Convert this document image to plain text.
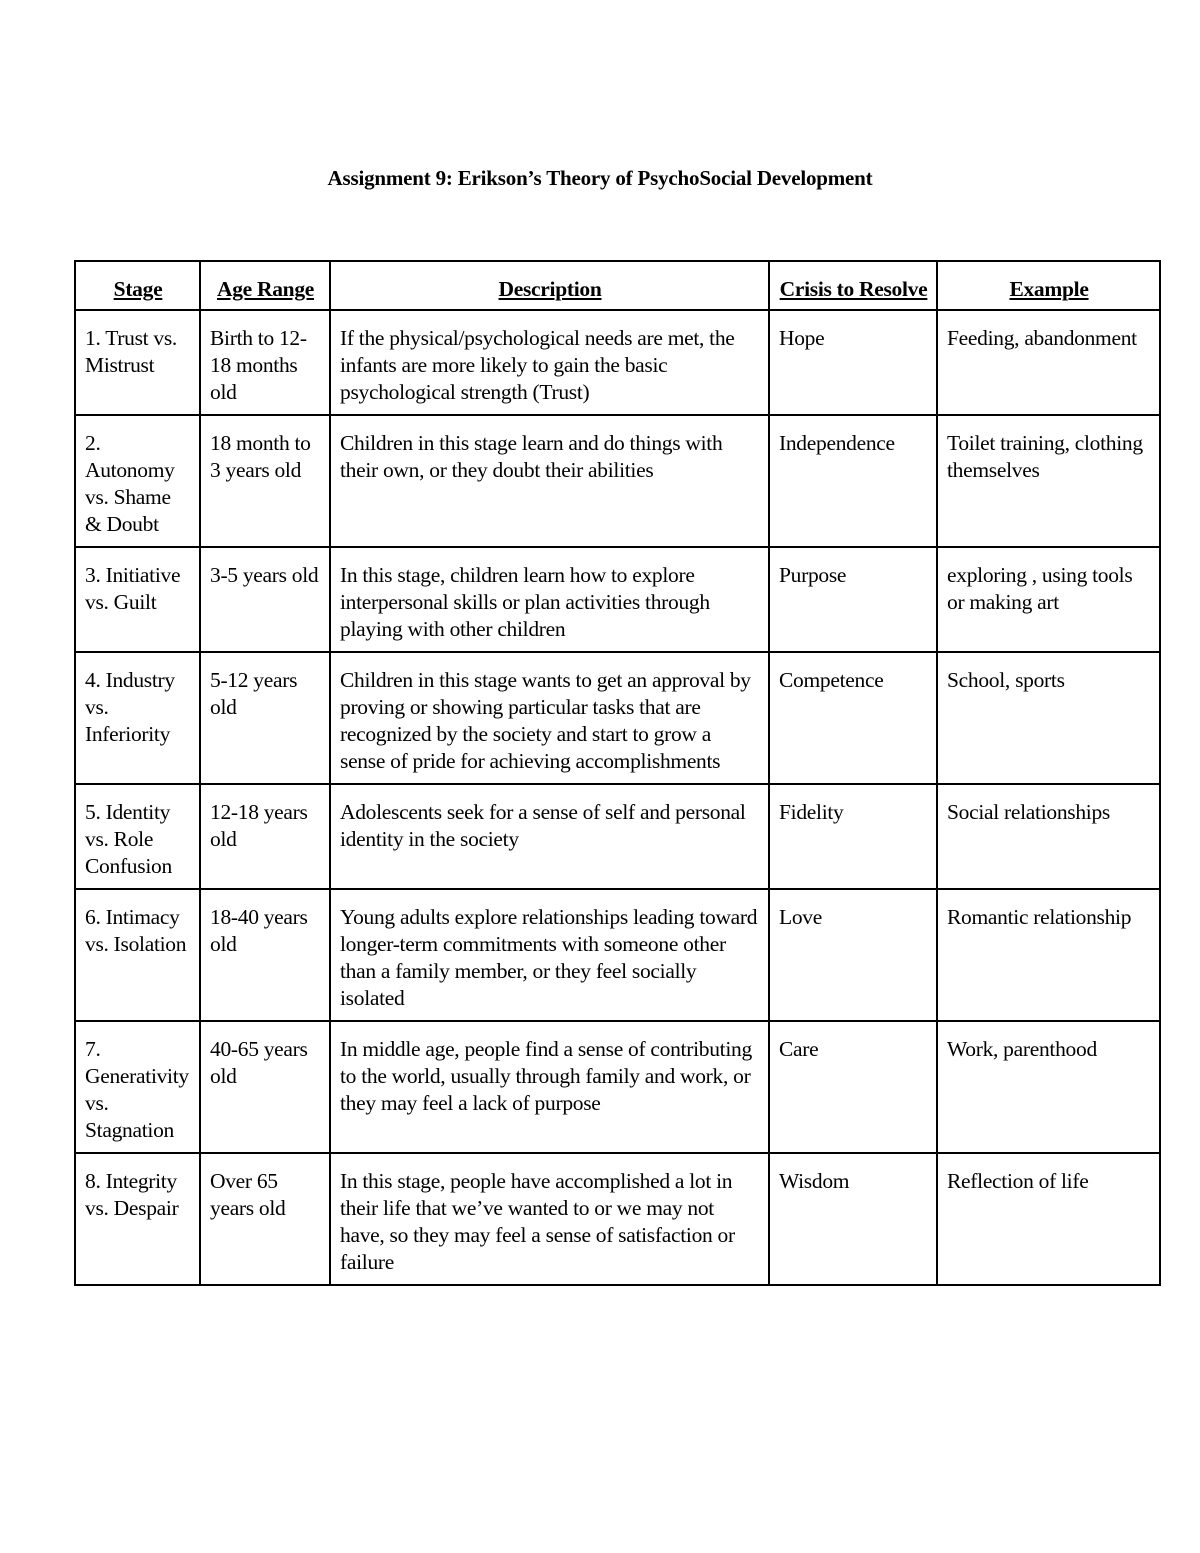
Assignment 9: Erikson’s Theory of PsychoSocial Development
Stage	Age Range	Description	Crisis to Resolve	Example
1. Trust vs. Mistrust	Birth to 12-18 months old	If the physical/psychological needs are met, the infants are more likely to gain the basic psychological strength (Trust)	Hope	Feeding, abandonment
2. Autonomy vs. Shame & Doubt	18 month to 3 years old	Children in this stage learn and do things with their own, or they doubt their abilities	Independence	Toilet training, clothing themselves
3. Initiative vs. Guilt	3-5 years old	In this stage, children learn how to explore interpersonal skills or plan activities through playing with other children	Purpose	exploring , using tools or making art
4. Industry vs. Inferiority	5-12 years old	Children in this stage wants to get an approval by proving or showing particular tasks that are recognized by the society and start to grow a sense of pride for achieving accomplishments	Competence	School, sports
5. Identity vs. Role Confusion	12-18 years old	Adolescents seek for a sense of self and personal identity in the society	Fidelity	Social relationships
6. Intimacy vs. Isolation	18-40 years old	Young adults explore relationships leading toward longer-term commitments with someone other than a family member, or they feel socially isolated	Love	Romantic relationship
7. Generativity vs. Stagnation	40-65 years old	In middle age, people find a sense of contributing to the world, usually through family and work, or they may feel a lack of purpose	Care	Work, parenthood
8. Integrity vs. Despair	Over 65 years old	In this stage, people have accomplished a lot in their life that we’ve wanted to or we may not have, so they may feel a sense of satisfaction or failure	Wisdom	Reflection of life
